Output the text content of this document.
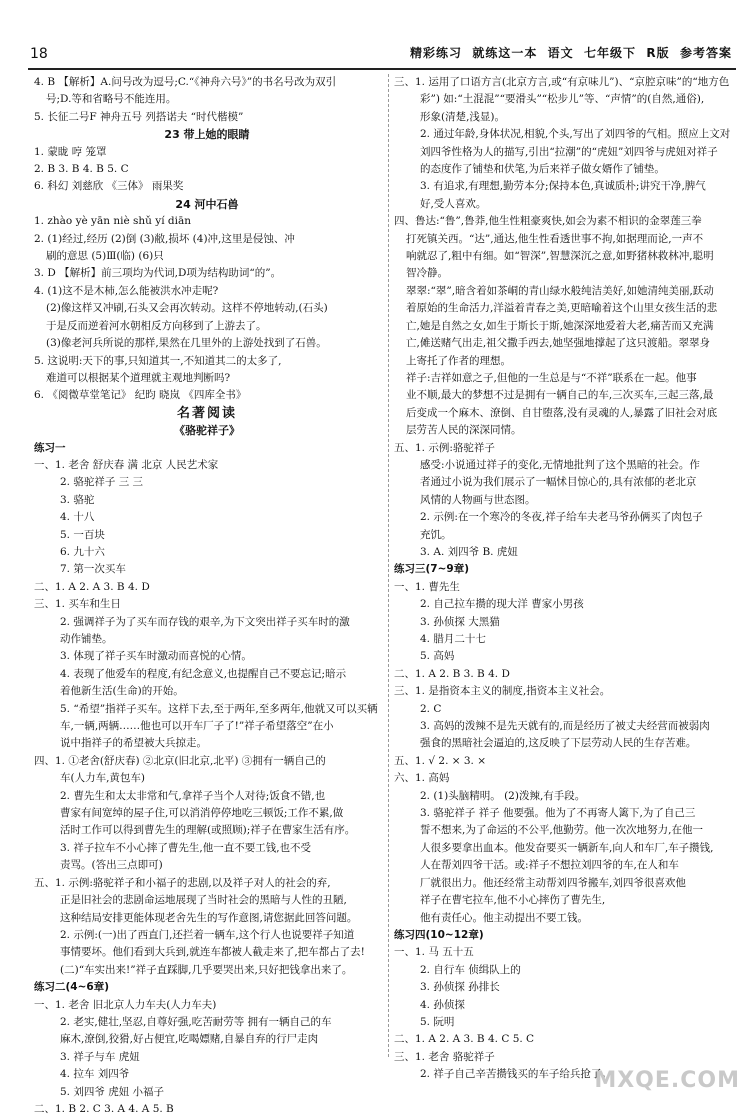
18	精彩练习  就练这一本  语文  七年级下  R版  参考答案
4. B 【解析】A.问号改为逗号;C.“《神舟六号》”的书名号改为双引
号;D.等和省略号不能连用。
5. 长征二号F 神舟五号 列搭诺夫 “时代楷模”
23 带上她的眼睛
1. 蒙眬 哼 笼罩
2. B 3. B 4. B 5. C
6. 科幻 刘慈欣 《三体》 雨果奖
24 河中石兽
1. zhào yè yān niè shǔ yí diān
2. (1)经过,经历 (2)倒 (3)敝,损坏 (4)冲,这里是侵蚀、冲
刷的意思 (5)Ⅲ(临) (6)只
3. D 【解析】前三项均为代词,D项为结构助词“的”。
4. (1)这不是木杮,怎么能被洪水冲走呢?
(2)像这样又冲刷,石头又会再次转动。这样不停地转动,(石头)
于是反而逆着河水朝相反方向移到了上游去了。
(3)像老河兵所说的那样,果然在几里外的上游处找到了石兽。
5. 这说明:天下的事,只知道其一,不知道其二的太多了,
难道可以根据某个道理就主观地判断吗?
6. 《阅微草堂笔记》 纪昀 晓岚 《四库全书》
名著阅读
《骆驼祥子》
练习一
一、1. 老舍 舒庆春 满 北京 人民艺术家
2. 骆驼祥子 三 三
3. 骆驼
4. 十八
5. 一百块
6. 九十六
7. 第一次买车
二、1. A 2. A 3. B 4. D
三、1. 买车和生日
2. 强调祥子为了买车而存钱的艰辛,为下文突出祥子买车时的激
动作铺垫。
3. 体现了祥子买车时激动而喜悦的心情。
4. 表现了他爱车的程度,有纪念意义,也提醒自己不要忘记;暗示
着他新生活(生命)的开始。
5. “希望”指祥子买车。这样下去,至于两年,至多两年,他就又可以买辆
车,一辆,两辆……他也可以开车厂子了!”祥子希望落空”在小
说中指祥子的希望被大兵掠走。
四、1. ①老舍(舒庆春) ②北京(旧北京,北平) ③拥有一辆自己的
车(人力车,黄包车)
2. 曹先生和太太非常和气,拿祥子当个人对待;饭食不错,也
曹家有间宽绰的屋子住,可以消消停停地吃三顿饭;工作不累,做
活时工作可以得到曹先生的理解(或照顾);祥子在曹家生活有序。
3. 祥子拉车不小心摔了曹先生,他一直不要工钱,也不受
责骂。(答出三点即可)
五、1. 示例:骆驼祥子和小福子的悲剧,以及祥子对人的社会的弃,
正是旧社会的悲剧命运地展现了当时社会的黑暗与人性的丑陋,
这种结局安排更能体现老舍先生的写作意图,请您据此回答问题。
2. 示例:(一)出了西直门,还拦着一辆车,这个行人也说要祥子知道
事情要坏。他们看到大兵到,就连车都被人截走来了,把车都占了去!
(二)“车实出来!”祥子直踩脚,几乎要哭出来,只好把钱拿出来了。
练习二(4~6章)
一、1. 老舍 旧北京人力车夫(人力车夫)
2. 老实,健壮,坚忍,自尊好强,吃苦耐劳等 拥有一辆自己的车
麻木,潦倒,狡猾,好占便宜,吃喝嫖赌,自暴自弃的行尸走肉
3. 祥子与车 虎妞
4. 拉车 刘四爷
5. 刘四爷 虎妞 小福子
二、1. B 2. C 3. A 4. A 5. B
三、1. 运用了口语方言(北京方言,或“有京味儿”)、“京腔京味”的“地方色
彩”) 如:“土混混”“要滑头”“松步儿”等、“声情”的(自然,通俗),
形象(清楚,浅显)。
2. 通过年龄,身体状况,相貌,个头,写出了刘四爷的气相。照应上文对
刘四爷性格为人的描写,引出“拉潮”的“虎妞”刘四爷与虎妞对祥子
的态度作了铺垫和伏笔,为后来祥子做女婿作了铺垫。
3. 有追求,有理想,勤劳本分;保持本色,真诚质朴;讲究干净,脾气
好,受人喜欢。
四、鲁达:“鲁”,鲁莽,他生性粗豪爽快,如会为素不相识的金翠莲三拳
打死镇关西。“达”,通达,他生性看透世事不拘,如据理而论,一声不
响就忍了,粗中有细。如“智深”,智慧深沉之意,如野猪林救林冲,聪明
智冷静。
翠翠:“翠”,暗含着如茶峒的青山绿水般纯洁美好,如她清纯美丽,跃动
着原始的生命活力,洋溢着青春之美,更暗喻着这个山里女孩生活的悲
亡,她是自然之女,如生于斯长于斯,她深深地爱着大老,痛苦而又充满
亡,傩送赌气出走,祖父撒手西去,她坚强地撑起了这只渡船。翠翠身
上寄托了作者的理想。
祥子:吉祥如意之子,但他的一生总是与“不祥”联系在一起。他事
业不顺,最大的梦想不过是拥有一辆自己的车,三次买车,三起三落,最
后变成一个麻木、潦倒、自甘堕落,没有灵魂的人,暴露了旧社会对底
层劳苦人民的深深同情。
五、1. 示例:骆驼祥子
感受:小说通过祥子的变化,无情地批判了这个黑暗的社会。作
者通过小说为我们展示了一幅怵目惊心的,具有浓郁的老北京
风情的人物画与世态图。
2. 示例:在一个寒冷的冬夜,祥子给车夫老马爷孙俩买了肉包子
充饥。
3. A. 刘四爷 B. 虎妞
练习三(7~9章)
一、1. 曹先生
2. 自己拉车攒的现大洋 曹家小男孩
3. 孙侦探 大黑猫
4. 腊月二十七
5. 高妈
二、1. A 2. B 3. B 4. D
三、1. 是指资本主义的制度,指资本主义社会。
2. C
3. 高妈的泼辣不是先天就有的,而是经历了被丈夫经营而被弱肉
强食的黑暗社会逼迫的,这反映了下层劳动人民的生存苦难。
五、1. √ 2. × 3. ×
六、1. 高妈
2. (1)头脑精明。 (2)泼辣,有手段。
3. 骆驼祥子 祥子 他要强。他为了不再寄人篱下,为了自己三
誓不想来,为了命运的不公平,他勤劳。他一次次地努力,在他一
人很多要拿出血本。他发奋要买一辆新车,向人和车厂,车子攒钱,
人在帮刘四爷干活。或:祥子不想拉刘四爷的车,在人和车
厂就很出力。他还经常主动帮刘四爷搬车,刘四爷很喜欢他
祥子在曹宅拉车,他不小心摔伤了曹先生,
他有责任心。他主动提出不要工钱。
练习四(10~12章)
一、1. 马 五十五
2. 自行车 侦缉队上的
3. 孙侦探 孙排长
4. 孙侦探
5. 阮明
二、1. A 2. A 3. B 4. C 5. C
三、1. 老舍 骆驼祥子
2. 祥子自己辛苦攒钱买的车子给兵抢了。
MXQE.COM
